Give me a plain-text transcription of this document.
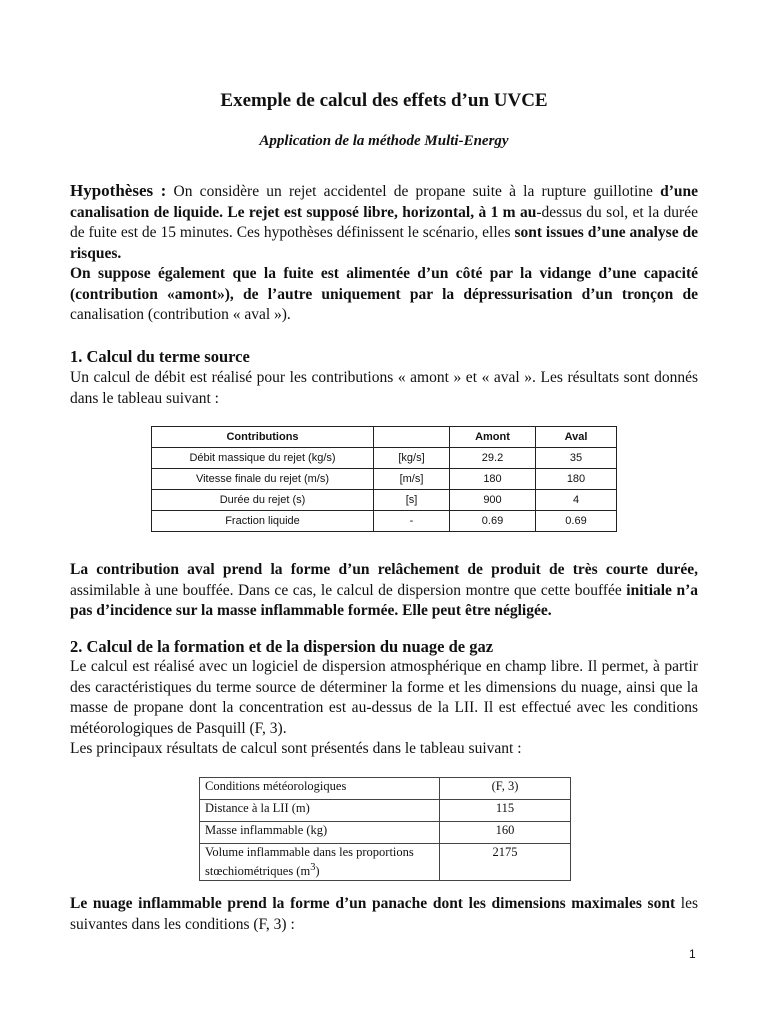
Exemple de calcul des effets d’un UVCE
Application de la méthode Multi-Energy

Hypothèses : On considère un rejet accidentel de propane suite à la rupture guillotine d’une canalisation de liquide. Le rejet est supposé libre, horizontal, à 1 m au-dessus du sol, et la durée de fuite est de 15 minutes. Ces hypothèses définissent le scénario, elles sont issues d’une analyse de risques.
On suppose également que la fuite est alimentée d’un côté par la vidange d’une capacité (contribution «amont»), de l’autre uniquement par la dépressurisation d’un tronçon de canalisation (contribution « aval »).

1. Calcul du terme source

Un calcul de débit est réalisé pour les contributions « amont » et « aval ». Les résultats sont donnés dans le tableau suivant :

Contributions		Amont	Aval
Débit massique du rejet (kg/s)	[kg/s]	29.2	35
Vitesse finale du rejet (m/s)	[m/s]	180	180
Durée du rejet (s)	[s]	900	4
Fraction liquide	-	0.69	0.69

La contribution aval prend la forme d’un relâchement de produit de très courte durée, assimilable à une bouffée. Dans ce cas, le calcul de dispersion montre que cette bouffée initiale n’a pas d’incidence sur la masse inflammable formée. Elle peut être négligée.

2. Calcul de la formation et de la dispersion du nuage de gaz

Le calcul est réalisé avec un logiciel de dispersion atmosphérique en champ libre. Il permet, à partir des caractéristiques du terme source de déterminer la forme et les dimensions du nuage, ainsi que la masse de propane dont la concentration est au-dessus de la LII. Il est effectué avec les conditions météorologiques de Pasquill (F, 3).
Les principaux résultats de calcul sont présentés dans le tableau suivant :

Conditions météorologiques	(F, 3)
Distance à la LII (m)	115
Masse inflammable (kg)	160
Volume inflammable dans les proportions stœchiométriques $(m^3)$	2175

Le nuage inflammable prend la forme d’un panache dont les dimensions maximales sont les suivantes dans les conditions (F, 3) :

1
